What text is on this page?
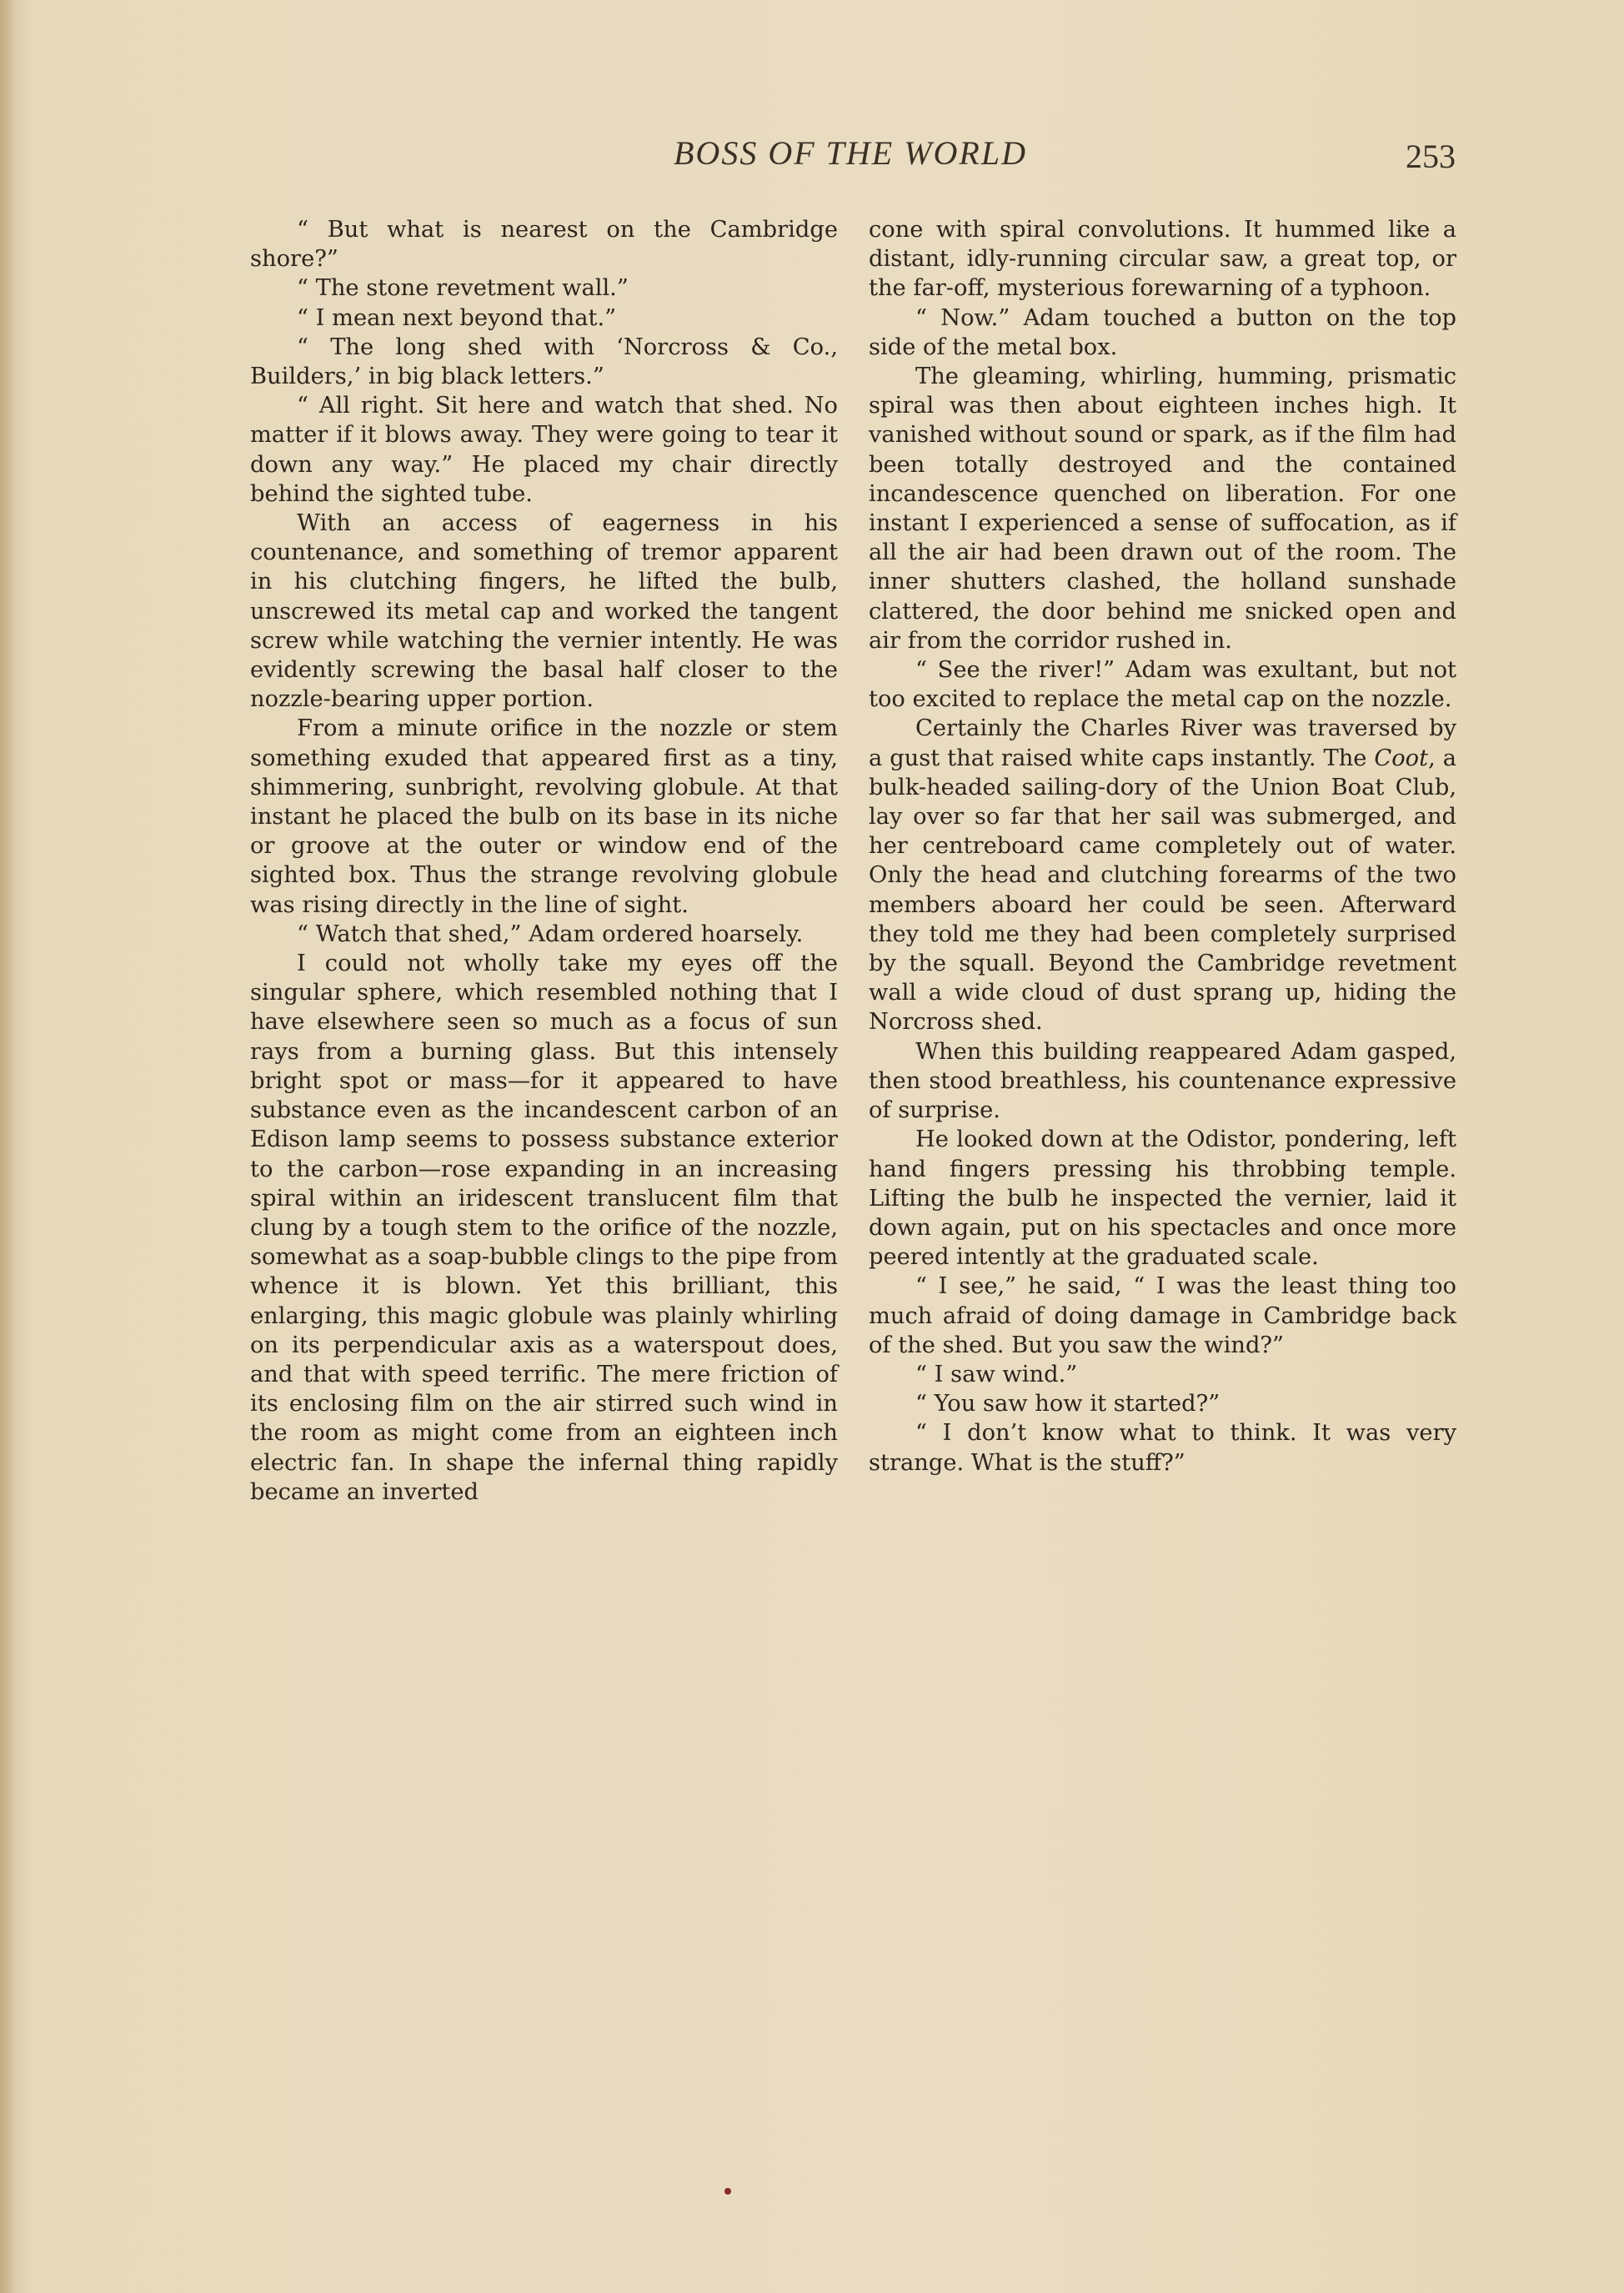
BOSS OF THE WORLD	253

“ But what is nearest on the Cambridge shore?”

“ The stone revetment wall.”

“ I mean next beyond that.”

“ The long shed with ‘Norcross & Co., Builders,’ in big black letters.”

“ All right. Sit here and watch that shed. No matter if it blows away. They were going to tear it down any way.” He placed my chair directly behind the sighted tube.

With an access of eagerness in his countenance, and something of tremor apparent in his clutching fingers, he lifted the bulb, unscrewed its metal cap and worked the tangent screw while watching the vernier intently. He was evidently screwing the basal half closer to the nozzle-bearing upper portion.

From a minute orifice in the nozzle or stem something exuded that appeared first as a tiny, shimmering, sunbright, revolving globule. At that instant he placed the bulb on its base in its niche or groove at the outer or window end of the sighted box. Thus the strange revolving globule was rising directly in the line of sight.

“ Watch that shed,” Adam ordered hoarsely.

I could not wholly take my eyes off the singular sphere, which resembled nothing that I have elsewhere seen so much as a focus of sun rays from a burning glass. But this intensely bright spot or mass—for it appeared to have substance even as the incandescent carbon of an Edison lamp seems to possess substance exterior to the carbon—rose expanding in an increasing spiral within an iridescent translucent film that clung by a tough stem to the orifice of the nozzle, somewhat as a soap-bubble clings to the pipe from whence it is blown. Yet this brilliant, this enlarging, this magic globule was plainly whirling on its perpendicular axis as a waterspout does, and that with speed terrific. The mere friction of its enclosing film on the air stirred such wind in the room as might come from an eighteen inch electric fan. In shape the infernal thing rapidly became an inverted

cone with spiral convolutions. It hummed like a distant, idly-running circular saw, a great top, or the far-off, mysterious forewarning of a typhoon.

“ Now.” Adam touched a button on the top side of the metal box.

The gleaming, whirling, humming, prismatic spiral was then about eighteen inches high. It vanished without sound or spark, as if the film had been totally destroyed and the contained incandescence quenched on liberation. For one instant I experienced a sense of suffocation, as if all the air had been drawn out of the room. The inner shutters clashed, the holland sunshade clattered, the door behind me snicked open and air from the corridor rushed in.

“ See the river!” Adam was exultant, but not too excited to replace the metal cap on the nozzle.

Certainly the Charles River was traversed by a gust that raised white caps instantly. The Coot, a bulk-headed sailing-dory of the Union Boat Club, lay over so far that her sail was submerged, and her centreboard came completely out of water. Only the head and clutching forearms of the two members aboard her could be seen. Afterward they told me they had been completely surprised by the squall. Beyond the Cambridge revetment wall a wide cloud of dust sprang up, hiding the Norcross shed.

When this building reappeared Adam gasped, then stood breathless, his countenance expressive of surprise.

He looked down at the Odistor, pondering, left hand fingers pressing his throbbing temple. Lifting the bulb he inspected the vernier, laid it down again, put on his spectacles and once more peered intently at the graduated scale.

“ I see,” he said, “ I was the least thing too much afraid of doing damage in Cambridge back of the shed. But you saw the wind?”

“ I saw wind.”

“ You saw how it started?”

“ I don’t know what to think. It was very strange. What is the stuff?”
